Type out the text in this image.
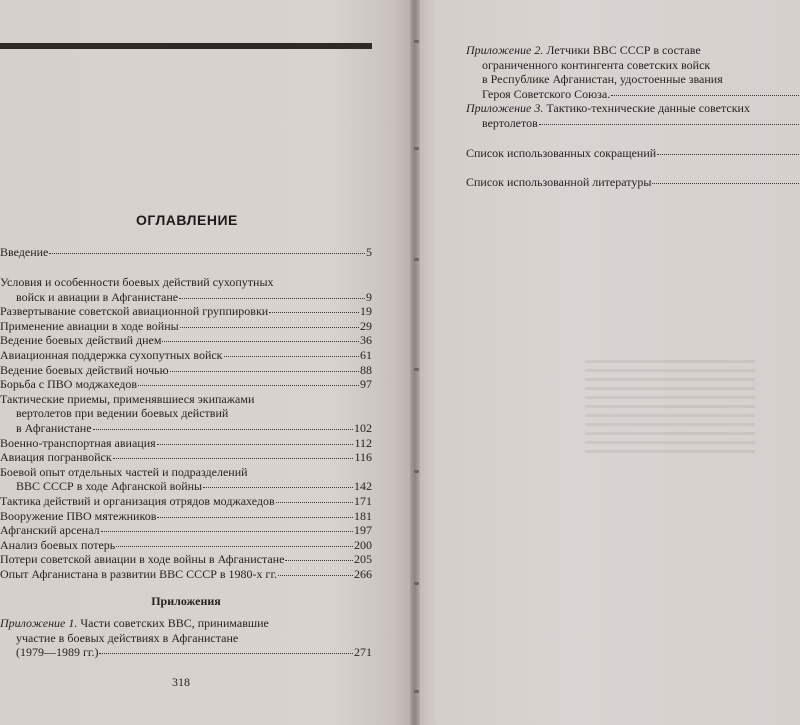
ОГЛАВЛЕНИЕ
Введение	5
Условия и особенности боевых действий сухопутных
войск и авиации в Афганистане	9
Развертывание советской авиационной группировки	19
Применение авиации в ходе войны	29
Ведение боевых действий днем	36
Авиационная поддержка сухопутных войск	61
Ведение боевых действий ночью	88
Борьба с ПВО моджахедов	97
Тактические приемы, применявшиеся экипажами
вертолетов при ведении боевых действий
в Афганистане	102
Военно-транспортная авиация	112
Авиация погранвойск	116
Боевой опыт отдельных частей и подразделений
ВВС СССР в ходе Афганской войны	142
Тактика действий и организация отрядов моджахедов	171
Вооружение ПВО мятежников	181
Афганский арсенал	197
Анализ боевых потерь	200
Потери советской авиации в ходе войны в Афганистане	205
Опыт Афганистана в развитии ВВС СССР в 1980-х гг.	266
Приложения
Приложение 1. Части советских ВВС, принимавшие
участие в боевых действиях в Афганистане
(1979—1989 гг.)	271
318
Приложение 2. Летчики ВВС СССР в составе
ограниченного контингента советских войск
в Республике Афганистан, удостоенные звания
Героя Советского Союза.
Приложение 3. Тактико-технические данные советских
вертолетов
Список использованных сокращений
Список использованной литературы
